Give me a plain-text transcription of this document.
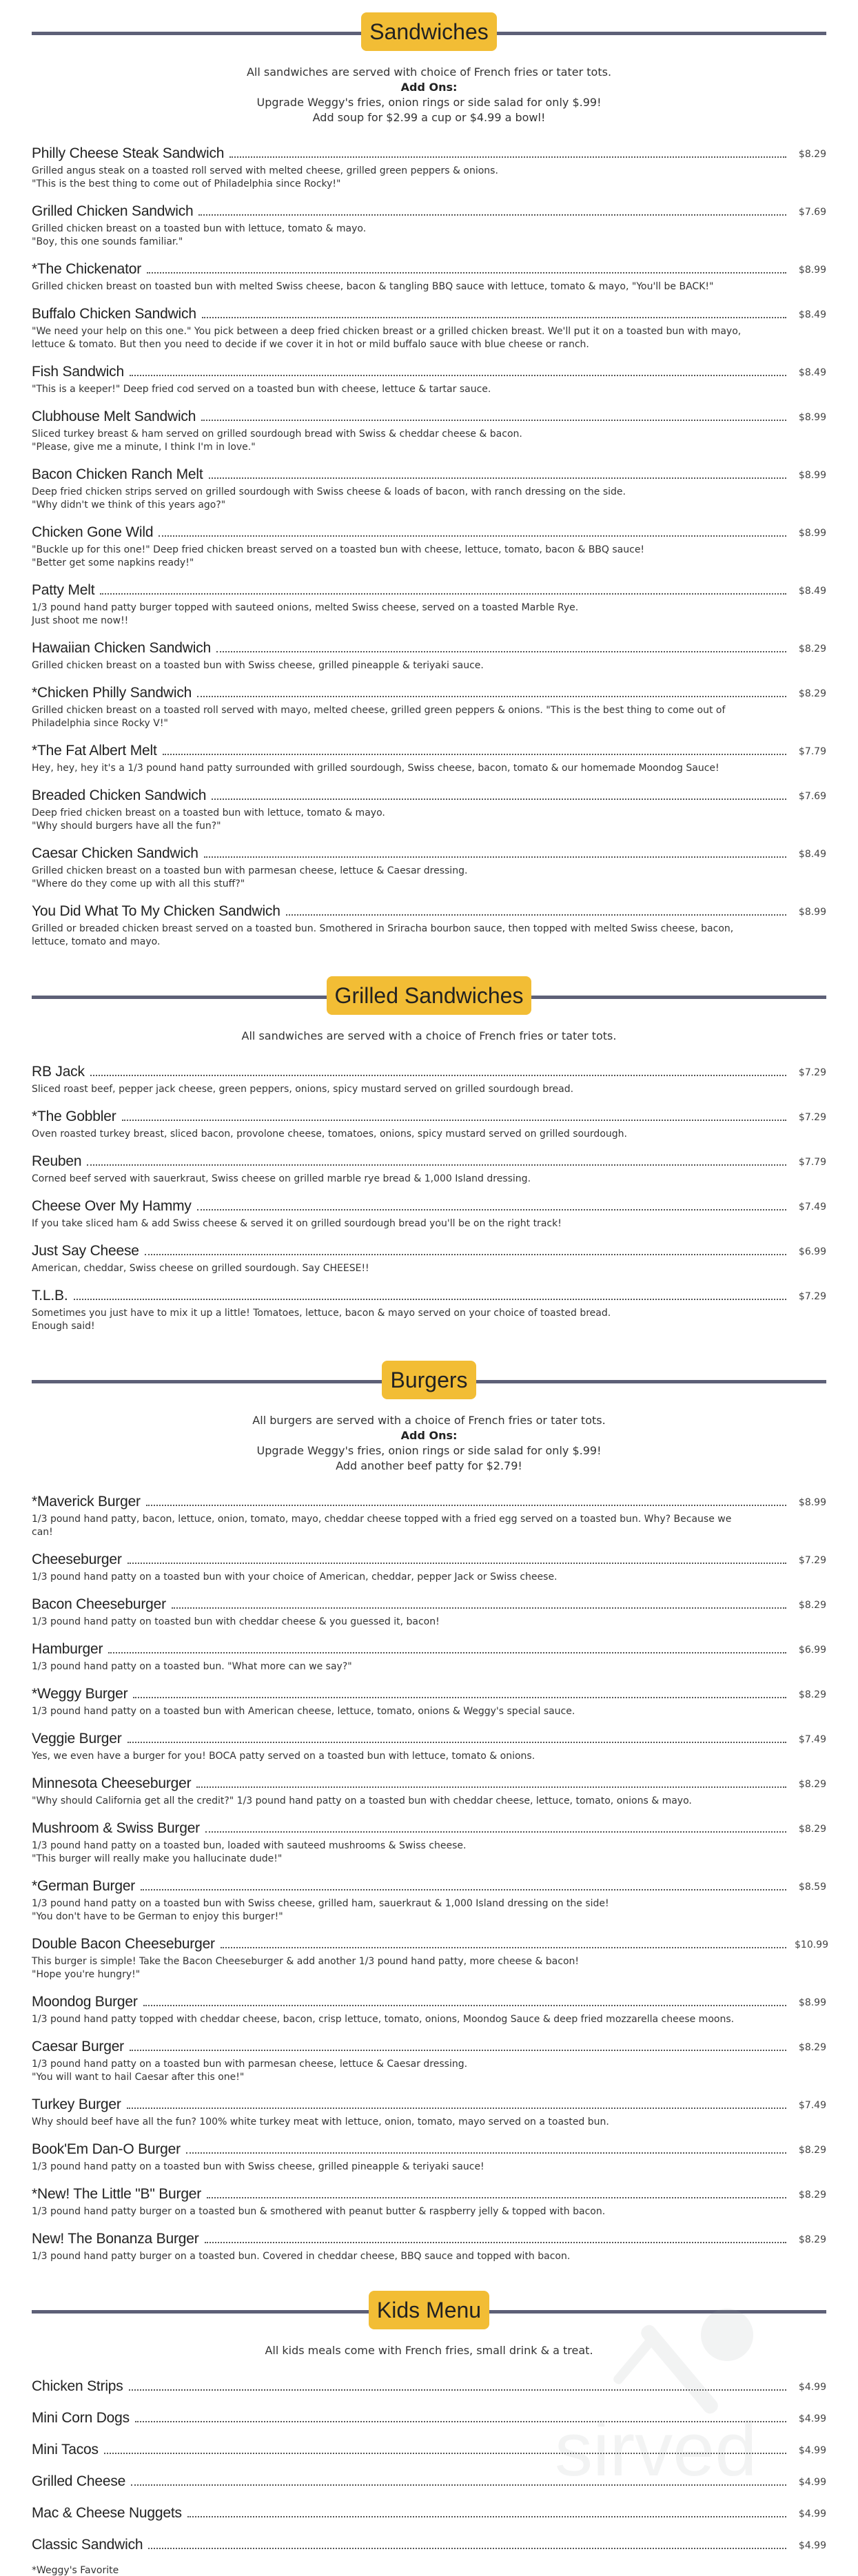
Sandwiches
All sandwiches are served with choice of French fries or tater tots.
Add Ons:
Upgrade Weggy's fries, onion rings or side salad for only $.99!
Add soup for $2.99 a cup or $4.99 a bowl!
Philly Cheese Steak Sandwich	$8.29
Grilled angus steak on a toasted roll served with melted cheese, grilled green peppers & onions.
"This is the best thing to come out of Philadelphia since Rocky!"
Grilled Chicken Sandwich	$7.69
Grilled chicken breast on a toasted bun with lettuce, tomato & mayo.
"Boy, this one sounds familiar."
*The Chickenator	$8.99
Grilled chicken breast on toasted bun with melted Swiss cheese, bacon & tangling BBQ sauce with lettuce, tomato & mayo, "You'll be BACK!"
Buffalo Chicken Sandwich	$8.49
"We need your help on this one." You pick between a deep fried chicken breast or a grilled chicken breast. We'll put it on a toasted bun with mayo,
lettuce & tomato. But then you need to decide if we cover it in hot or mild buffalo sauce with blue cheese or ranch.
Fish Sandwich	$8.49
"This is a keeper!" Deep fried cod served on a toasted bun with cheese, lettuce & tartar sauce.
Clubhouse Melt Sandwich	$8.99
Sliced turkey breast & ham served on grilled sourdough bread with Swiss & cheddar cheese & bacon.
"Please, give me a minute, I think I'm in love."
Bacon Chicken Ranch Melt	$8.99
Deep fried chicken strips served on grilled sourdough with Swiss cheese & loads of bacon, with ranch dressing on the side.
"Why didn't we think of this years ago?"
Chicken Gone Wild	$8.99
"Buckle up for this one!" Deep fried chicken breast served on a toasted bun with cheese, lettuce, tomato, bacon & BBQ sauce!
"Better get some napkins ready!"
Patty Melt	$8.49
1/3 pound hand patty burger topped with sauteed onions, melted Swiss cheese, served on a toasted Marble Rye.
Just shoot me now!!
Hawaiian Chicken Sandwich	$8.29
Grilled chicken breast on a toasted bun with Swiss cheese, grilled pineapple & teriyaki sauce.
*Chicken Philly Sandwich	$8.29
Grilled chicken breast on a toasted roll served with mayo, melted cheese, grilled green peppers & onions. "This is the best thing to come out of
Philadelphia since Rocky V!"
*The Fat Albert Melt	$7.79
Hey, hey, hey it's a 1/3 pound hand patty surrounded with grilled sourdough, Swiss cheese, bacon, tomato & our homemade Moondog Sauce!
Breaded Chicken Sandwich	$7.69
Deep fried chicken breast on a toasted bun with lettuce, tomato & mayo.
"Why should burgers have all the fun?"
Caesar Chicken Sandwich	$8.49
Grilled chicken breast on a toasted bun with parmesan cheese, lettuce & Caesar dressing.
"Where do they come up with all this stuff?"
You Did What To My Chicken Sandwich	$8.99
Grilled or breaded chicken breast served on a toasted bun. Smothered in Sriracha bourbon sauce, then topped with melted Swiss cheese, bacon,
lettuce, tomato and mayo.
Grilled Sandwiches
All sandwiches are served with a choice of French fries or tater tots.
RB Jack	$7.29
Sliced roast beef, pepper jack cheese, green peppers, onions, spicy mustard served on grilled sourdough bread.
*The Gobbler	$7.29
Oven roasted turkey breast, sliced bacon, provolone cheese, tomatoes, onions, spicy mustard served on grilled sourdough.
Reuben	$7.79
Corned beef served with sauerkraut, Swiss cheese on grilled marble rye bread & 1,000 Island dressing.
Cheese Over My Hammy	$7.49
If you take sliced ham & add Swiss cheese & served it on grilled sourdough bread you'll be on the right track!
Just Say Cheese	$6.99
American, cheddar, Swiss cheese on grilled sourdough. Say CHEESE!!
T.L.B.	$7.29
Sometimes you just have to mix it up a little! Tomatoes, lettuce, bacon & mayo served on your choice of toasted bread.
Enough said!
Burgers
All burgers are served with a choice of French fries or tater tots.
Add Ons:
Upgrade Weggy's fries, onion rings or side salad for only $.99!
Add another beef patty for $2.79!
*Maverick Burger	$8.99
1/3 pound hand patty, bacon, lettuce, onion, tomato, mayo, cheddar cheese topped with a fried egg served on a toasted bun. Why? Because we can!
Cheeseburger	$7.29
1/3 pound hand patty on a toasted bun with your choice of American, cheddar, pepper Jack or Swiss cheese.
Bacon Cheeseburger	$8.29
1/3 pound hand patty on toasted bun with cheddar cheese & you guessed it, bacon!
Hamburger	$6.99
1/3 pound hand patty on a toasted bun. "What more can we say?"
*Weggy Burger	$8.29
1/3 pound hand patty on a toasted bun with American cheese, lettuce, tomato, onions & Weggy's special sauce.
Veggie Burger	$7.49
Yes, we even have a burger for you! BOCA patty served on a toasted bun with lettuce, tomato & onions.
Minnesota Cheeseburger	$8.29
"Why should California get all the credit?" 1/3 pound hand patty on a toasted bun with cheddar cheese, lettuce, tomato, onions & mayo.
Mushroom & Swiss Burger	$8.29
1/3 pound hand patty on a toasted bun, loaded with sauteed mushrooms & Swiss cheese.
"This burger will really make you hallucinate dude!"
*German Burger	$8.59
1/3 pound hand patty on a toasted bun with Swiss cheese, grilled ham, sauerkraut & 1,000 Island dressing on the side!
"You don't have to be German to enjoy this burger!"
Double Bacon Cheeseburger	$10.99
This burger is simple! Take the Bacon Cheeseburger & add another 1/3 pound hand patty, more cheese & bacon!
"Hope you're hungry!"
Moondog Burger	$8.99
1/3 pound hand patty topped with cheddar cheese, bacon, crisp lettuce, tomato, onions, Moondog Sauce & deep fried mozzarella cheese moons.
Caesar Burger	$8.29
1/3 pound hand patty on a toasted bun with parmesan cheese, lettuce & Caesar dressing.
"You will want to hail Caesar after this one!"
Turkey Burger	$7.49
Why should beef have all the fun? 100% white turkey meat with lettuce, onion, tomato, mayo served on a toasted bun.
Book'Em Dan-O Burger	$8.29
1/3 pound hand patty on a toasted bun with Swiss cheese, grilled pineapple & teriyaki sauce!
*New! The Little "B" Burger	$8.29
1/3 pound hand patty burger on a toasted bun & smothered with peanut butter & raspberry jelly & topped with bacon.
New! The Bonanza Burger	$8.29
1/3 pound hand patty burger on a toasted bun. Covered in cheddar cheese, BBQ sauce and topped with bacon.
Kids Menu
All kids meals come with French fries, small drink & a treat.
Chicken Strips	$4.99
Mini Corn Dogs	$4.99
Mini Tacos	$4.99
Grilled Cheese	$4.99
Mac & Cheese Nuggets	$4.99
Classic Sandwich	$4.99
*Weggy's Favorite
sirved
